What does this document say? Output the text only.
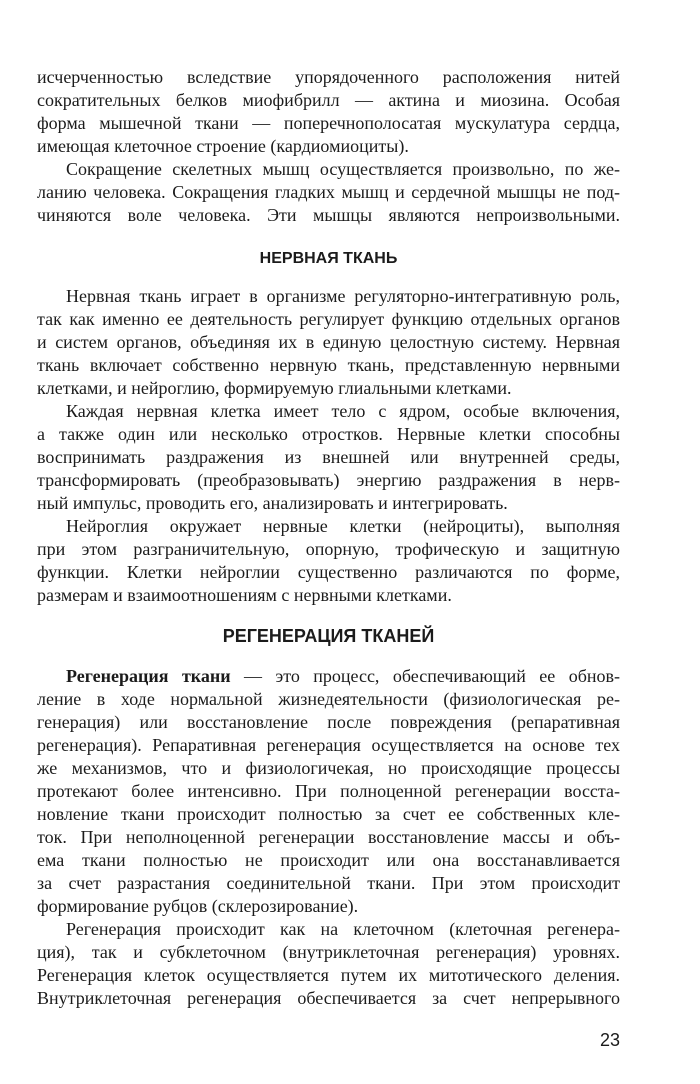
исчерченностью вследствие упорядоченного расположения нитей
сократительных белков миофибрилл — актина и миозина. Особая
форма мышечной ткани — поперечнополосатая мускулатура сердца,
имеющая клеточное строение (кардиомиоциты).
Сокращение скелетных мышц осуществляется произвольно, по же-
ланию человека. Сокращения гладких мышц и сердечной мышцы не под-
чиняются воле человека. Эти мышцы являются непроизвольными.
НЕРВНАЯ ТКАНЬ
Нервная ткань играет в организме регуляторно-интегративную роль,
так как именно ее деятельность регулирует функцию отдельных органов
и систем органов, объединяя их в единую целостную систему. Нервная
ткань включает собственно нервную ткань, представленную нервными
клетками, и нейроглию, формируемую глиальными клетками.
Каждая нервная клетка имеет тело с ядром, особые включения,
а также один или несколько отростков. Нервные клетки способны
воспринимать раздражения из внешней или внутренней среды,
трансформировать (преобразовывать) энергию раздражения в нерв-
ный импульс, проводить его, анализировать и интегрировать.
Нейроглия окружает нервные клетки (нейроциты), выполняя
при этом разграничительную, опорную, трофическую и защитную
функции. Клетки нейроглии существенно различаются по форме,
размерам и взаимоотношениям с нервными клетками.
РЕГЕНЕРАЦИЯ ТКАНЕЙ
Регенерация ткани — это процесс, обеспечивающий ее обнов-
ление в ходе нормальной жизнедеятельности (физиологическая ре-
генерация) или восстановление после повреждения (репаративная
регенерация). Репаративная регенерация осуществляется на основе тех
же механизмов, что и физиологичекая, но происходящие процессы
протекают более интенсивно. При полноценной регенерации восста-
новление ткани происходит полностью за счет ее собственных кле-
ток. При неполноценной регенерации восстановление массы и объ-
ема ткани полностью не происходит или она восстанавливается
за счет разрастания соединительной ткани. При этом происходит
формирование рубцов (склерозирование).
Регенерация происходит как на клеточном (клеточная регенера-
ция), так и субклеточном (внутриклеточная регенерация) уровнях.
Регенерация клеток осуществляется путем их митотического деления.
Внутриклеточная регенерация обеспечивается за счет непрерывного
23
